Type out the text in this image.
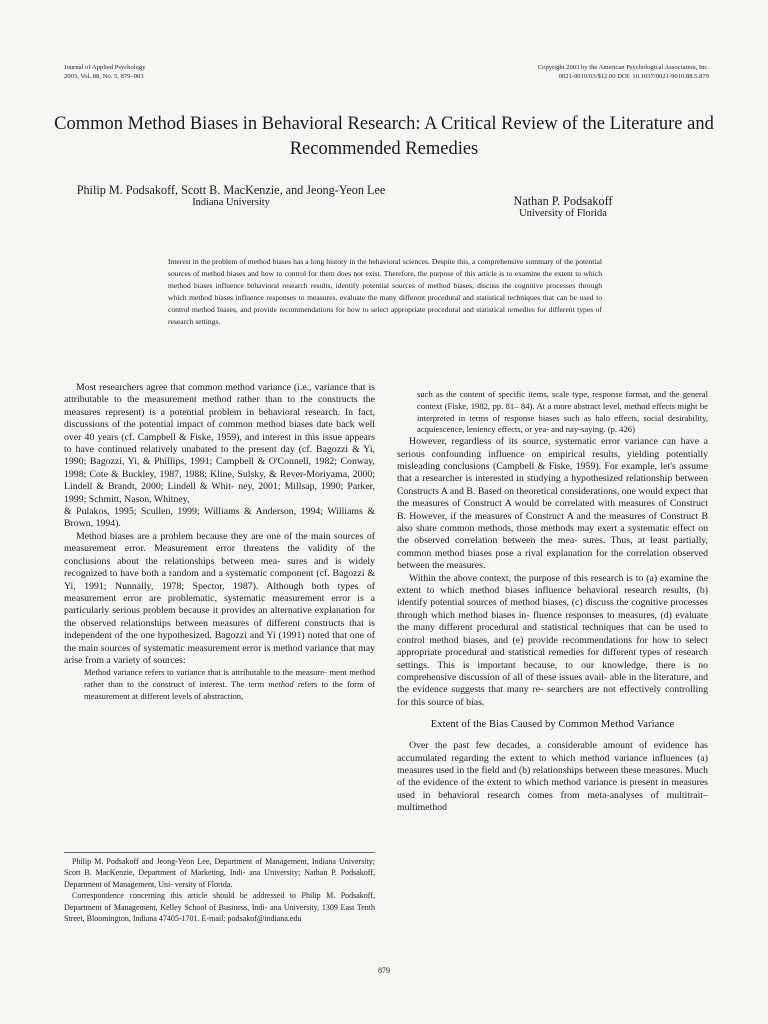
Journal of Applied Psychology
2003, Vol. 88, No. 5, 879–903
Copyright 2003 by the American Psychological Association, Inc.
0021-9010/03/$12.00 DOI: 10.1037/0021-9010.88.5.879
Common Method Biases in Behavioral Research: A Critical Review of the Literature and Recommended Remedies
Philip M. Podsakoff, Scott B. MacKenzie, and Jeong-Yeon Lee
Indiana University	Nathan P. Podsakoff
University of Florida
Interest in the problem of method biases has a long history in the behavioral sciences. Despite this, a comprehensive summary of the potential sources of method biases and how to control for them does not exist. Therefore, the purpose of this article is to examine the extent to which method biases influence behavioral research results, identify potential sources of method biases, discuss the cognitive processes through which method biases influence responses to measures, evaluate the many different procedural and statistical techniques that can be used to control method biases, and provide recommendations for how to select appropriate procedural and statistical remedies for different types of research settings.

Most researchers agree that common method variance (i.e., variance that is attributable to the measurement method rather than to the constructs the measures represent) is a potential problem in behavioral research. In fact, discussions of the potential impact of common method biases date back well over 40 years (cf. Campbell & Fiske, 1959), and interest in this issue appears to have continued relatively unabated to the present day (cf. Bagozzi & Yi, 1990; Bagozzi, Yi, & Phillips, 1991; Campbell & O'Connell, 1982; Conway, 1998; Cote & Buckley, 1987, 1988; Kline, Sulsky, & Rever-Moriyama, 2000; Lindell & Brandt, 2000; Lindell & Whit- ney, 2001; Millsap, 1990; Parker, 1999; Schmitt, Nason, Whitney,

& Pulakos, 1995; Scullen, 1999; Williams & Anderson, 1994; Williams & Brown, 1994).

Method biases are a problem because they are one of the main sources of measurement error. Measurement error threatens the validity of the conclusions about the relationships between mea- sures and is widely recognized to have both a random and a systematic component (cf. Bagozzi & Yi, 1991; Nunnally, 1978; Spector, 1987). Although both types of measurement error are problematic, systematic measurement error is a particularly serious problem because it provides an alternative explanation for the observed relationships between measures of different constructs that is independent of the one hypothesized. Bagozzi and Yi (1991) noted that one of the main sources of systematic measurement error is method variance that may arise from a variety of sources:

Method variance refers to variance that is attributable to the measure- ment method rather than to the construct of interest. The term method refers to the form of measurement at different levels of abstraction,

such as the content of specific items, scale type, response format, and the general context (Fiske, 1982, pp. 81– 84). At a more abstract level, method effects might be interpreted in terms of response biases such as halo effects, social desirability, acquiescence, leniency effects, or yea- and nay-saying. (p. 426)

However, regardless of its source, systematic error variance can have a serious confounding influence on empirical results, yielding potentially misleading conclusions (Campbell & Fiske, 1959). For example, let's assume that a researcher is interested in studying a hypothesized relationship between Constructs A and B. Based on theoretical considerations, one would expect that the measures of Construct A would be correlated with measures of Construct B. However, if the measures of Construct A and the measures of Construct B also share common methods, those methods may exert a systematic effect on the observed correlation between the mea- sures. Thus, at least partially, common method biases pose a rival explanation for the correlation observed between the measures.

Within the above context, the purpose of this research is to (a) examine the extent to which method biases influence behavioral research results, (b) identify potential sources of method biases, (c) discuss the cognitive processes through which method biases in- fluence responses to measures, (d) evaluate the many different procedural and statistical techniques that can be used to control method biases, and (e) provide recommendations for how to select appropriate procedural and statistical remedies for different types of research settings. This is important because, to our knowledge, there is no comprehensive discussion of all of these issues avail- able in the literature, and the evidence suggests that many re- searchers are not effectively controlling for this source of bias.

Extent of the Bias Caused by Common Method Variance

Over the past few decades, a considerable amount of evidence has accumulated regarding the extent to which method variance influences (a) measures used in the field and (b) relationships between these measures. Much of the evidence of the extent to which method variance is present in measures used in behavioral research comes from meta-analyses of multitrait–multimethod

Philip M. Podsakoff and Jeong-Yeon Lee, Department of Management, Indiana University; Scott B. MacKenzie, Department of Marketing, Indi- ana University; Nathan P. Podsakoff, Department of Management, Uni- versity of Florida.

Correspondence concerning this article should be addressed to Philip M. Podsakoff, Department of Management, Kelley School of Business, Indi- ana University, 1309 East Tenth Street, Bloomington, Indiana 47405-1701. E-mail: podsakof@indiana.edu

879
